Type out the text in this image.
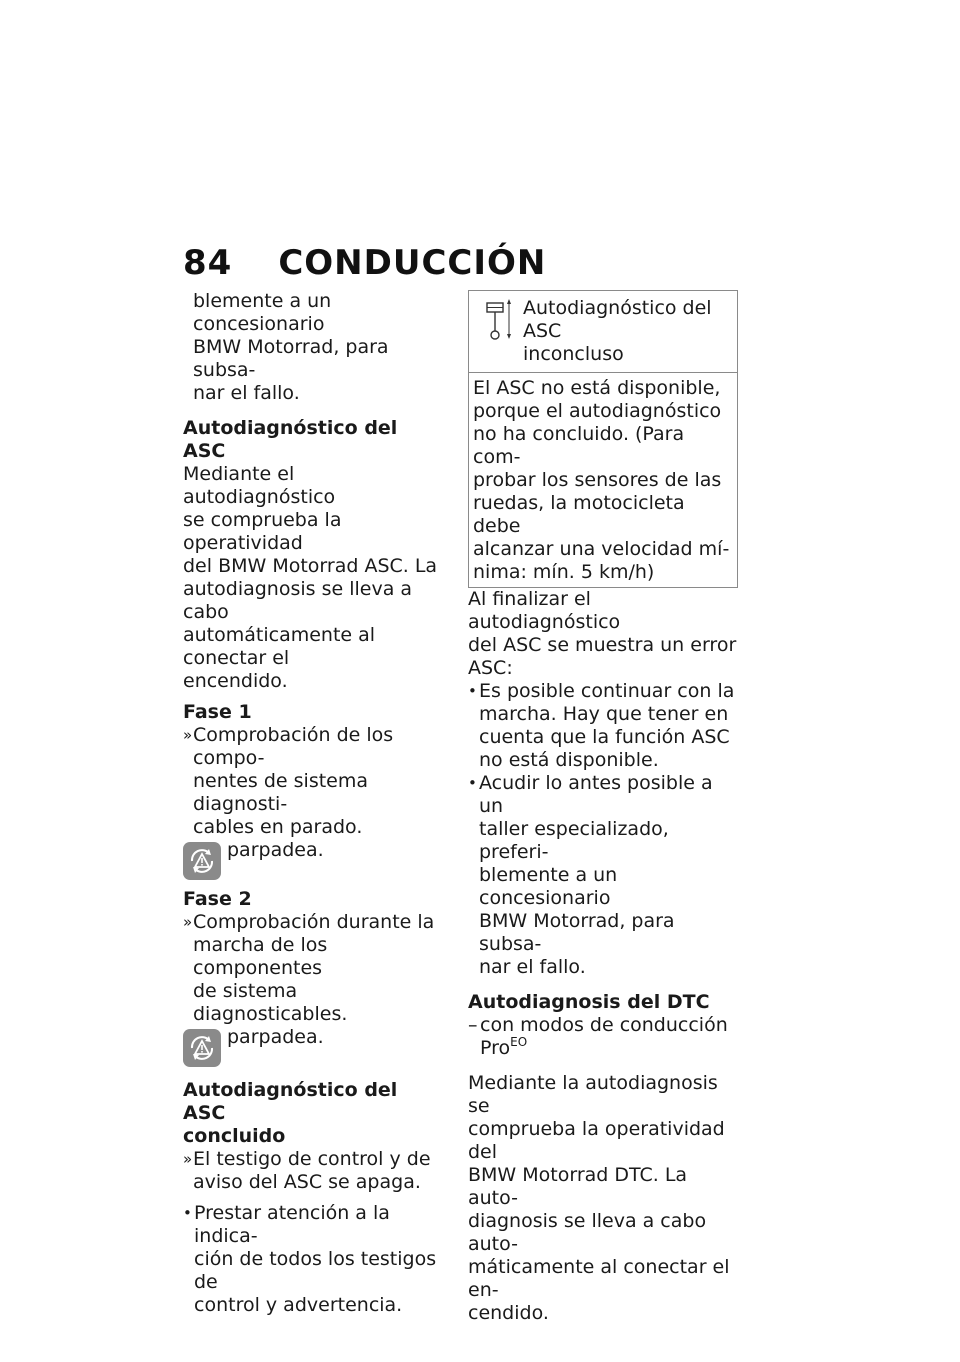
84 CONDUCCIÓN
blemente a un concesionario
BMW Motorrad, para subsa-
nar el fallo.
Autodiagnóstico del ASC
Mediante el autodiagnóstico
se comprueba la operatividad
del BMW Motorrad ASC. La
autodiagnosis se lleva a cabo
automáticamente al conectar el
encendido.
Fase 1
» Comprobación de los compo-
nentes de sistema diagnosti-
cables en parado.
parpadea.
Fase 2
» Comprobación durante la
marcha de los componentes
de sistema diagnosticables.
parpadea.
Autodiagnóstico del ASC
concluido
» El testigo de control y de
aviso del ASC se apaga.
• Prestar atención a la indica-
ción de todos los testigos de
control y advertencia.
Autodiagnóstico del ASC
inconcluso
El ASC no está disponible,
porque el autodiagnóstico
no ha concluido. (Para com-
probar los sensores de las
ruedas, la motocicleta debe
alcanzar una velocidad mí-
nima: mín. 5 km/h)
Al finalizar el autodiagnóstico
del ASC se muestra un error
ASC:
• Es posible continuar con la
marcha. Hay que tener en
cuenta que la función ASC
no está disponible.
• Acudir lo antes posible a un
taller especializado, preferi-
blemente a un concesionario
BMW Motorrad, para subsa-
nar el fallo.
Autodiagnosis del DTC
– con modos de conducción
Pro$^{EO}$
Mediante la autodiagnosis se
comprueba la operatividad del
BMW Motorrad DTC. La auto-
diagnosis se lleva a cabo auto-
máticamente al conectar el en-
cendido.
